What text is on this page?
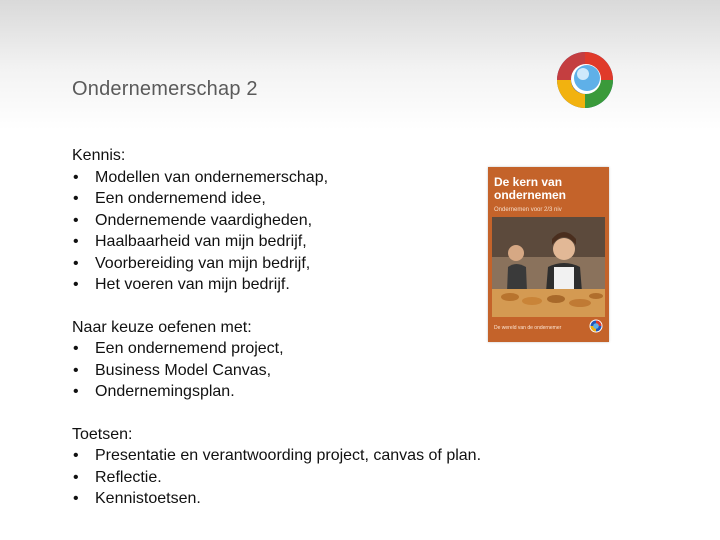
Ondernemerschap 2
Kennis:
• Modellen van ondernemerschap,
• Een ondernemend idee,
• Ondernemende vaardigheden,
• Haalbaarheid van mijn bedrijf,
• Voorbereiding van mijn bedrijf,
• Het voeren van mijn bedrijf.
Naar keuze oefenen met:
• Een ondernemend project,
• Business Model Canvas,
• Ondernemingsplan.
Toetsen:
• Presentatie en verantwoording project, canvas of plan.
• Reflectie.
• Kennistoetsen.
De kern van
ondernemen
Ondernemen voor 2/3 niv
De wereld van de ondernemer
